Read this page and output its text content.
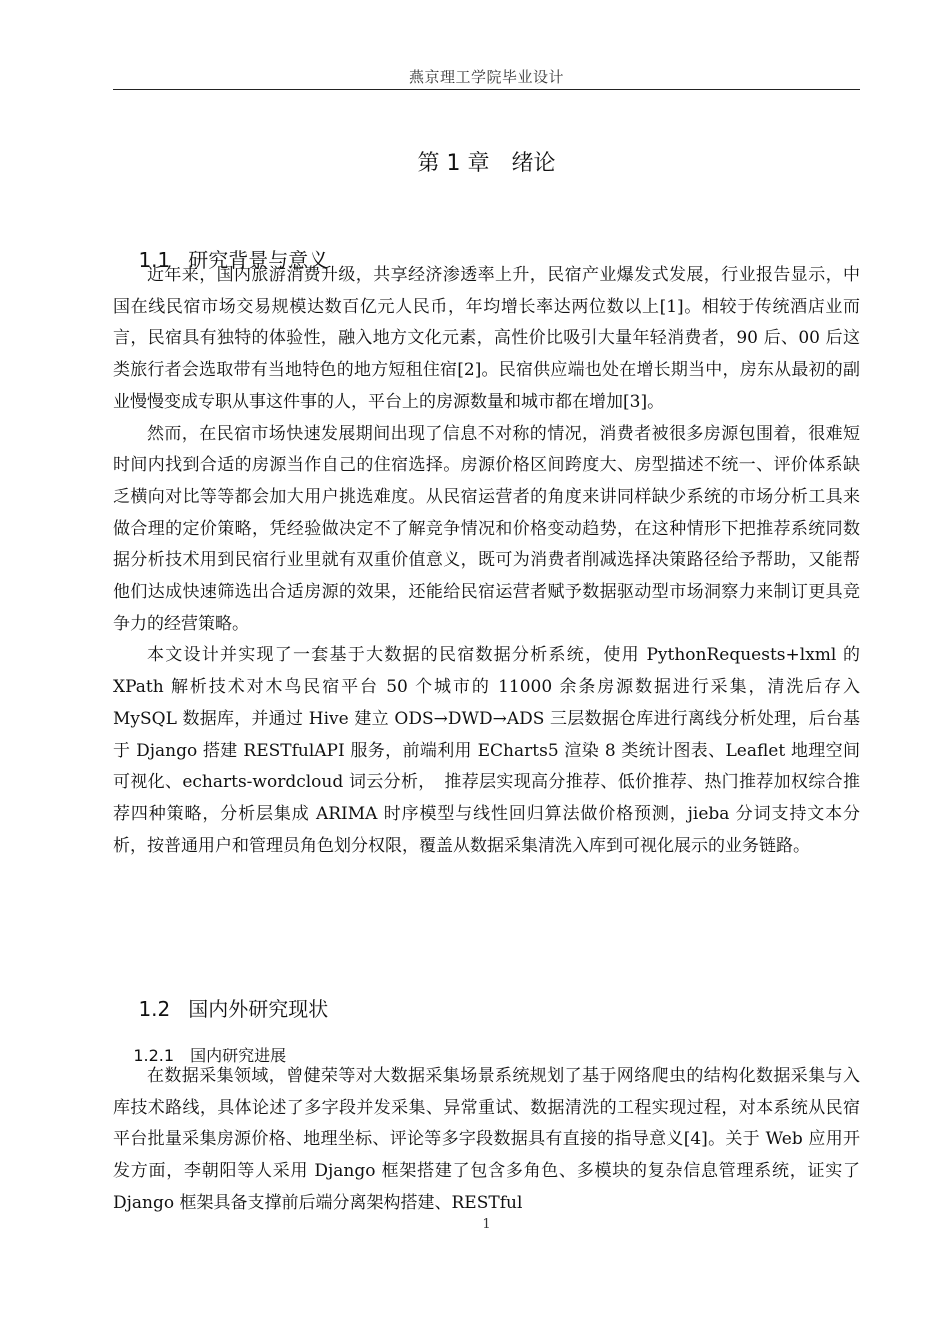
燕京理工学院毕业设计
第 1 章　绪论

1.1 研究背景与意义

近年来，国内旅游消费升级，共享经济渗透率上升，民宿产业爆发式发展，行业报告显示，中国在线民宿市场交易规模达数百亿元人民币，年均增长率达两位数以上[1]。相较于传统酒店业而言，民宿具有独特的体验性，融入地方文化元素，高性价比吸引大量年轻消费者，90 后、00 后这类旅行者会选取带有当地特色的地方短租住宿[2]。民宿供应端也处在增长期当中，房东从最初的副业慢慢变成专职从事这件事的人，平台上的房源数量和城市都在增加[3]。

然而，在民宿市场快速发展期间出现了信息不对称的情况，消费者被很多房源包围着，很难短时间内找到合适的房源当作自己的住宿选择。房源价格区间跨度大、房型描述不统一、评价体系缺乏横向对比等等都会加大用户挑选难度。从民宿运营者的角度来讲同样缺少系统的市场分析工具来做合理的定价策略，凭经验做决定不了解竞争情况和价格变动趋势，在这种情形下把推荐系统同数据分析技术用到民宿行业里就有双重价值意义，既可为消费者削减选择决策路径给予帮助，又能帮他们达成快速筛选出合适房源的效果，还能给民宿运营者赋予数据驱动型市场洞察力来制订更具竞争力的经营策略。

本文设计并实现了一套基于大数据的民宿数据分析系统，使用 PythonRequests+lxml 的 XPath 解析技术对木鸟民宿平台 50 个城市的 11000 余条房源数据进行采集，清洗后存入 MySQL 数据库，并通过 Hive 建立 ODS→DWD→ADS 三层数据仓库进行离线分析处理，后台基于 Django 搭建 RESTfulAPI 服务，前端利用 ECharts5 渲染 8 类统计图表、Leaflet 地理空间可视化、echarts-wordcloud 词云分析，　推荐层实现高分推荐、低价推荐、热门推荐加权综合推荐四种策略，分析层集成 ARIMA 时序模型与线性回归算法做价格预测，jieba 分词支持文本分析，按普通用户和管理员角色划分权限，覆盖从数据采集清洗入库到可视化展示的业务链路。

1.2 国内外研究现状

1.2.1 国内研究进展

在数据采集领域，曾健荣等对大数据采集场景系统规划了基于网络爬虫的结构化数据采集与入库技术路线，具体论述了多字段并发采集、异常重试、数据清洗的工程实现过程，对本系统从民宿平台批量采集房源价格、地理坐标、评论等多字段数据具有直接的指导意义[4]。关于 Web 应用开发方面，李朝阳等人采用 Django 框架搭建了包含多角色、多模块的复杂信息管理系统，证实了 Django 框架具备支撑前后端分离架构搭建、RESTful

1
